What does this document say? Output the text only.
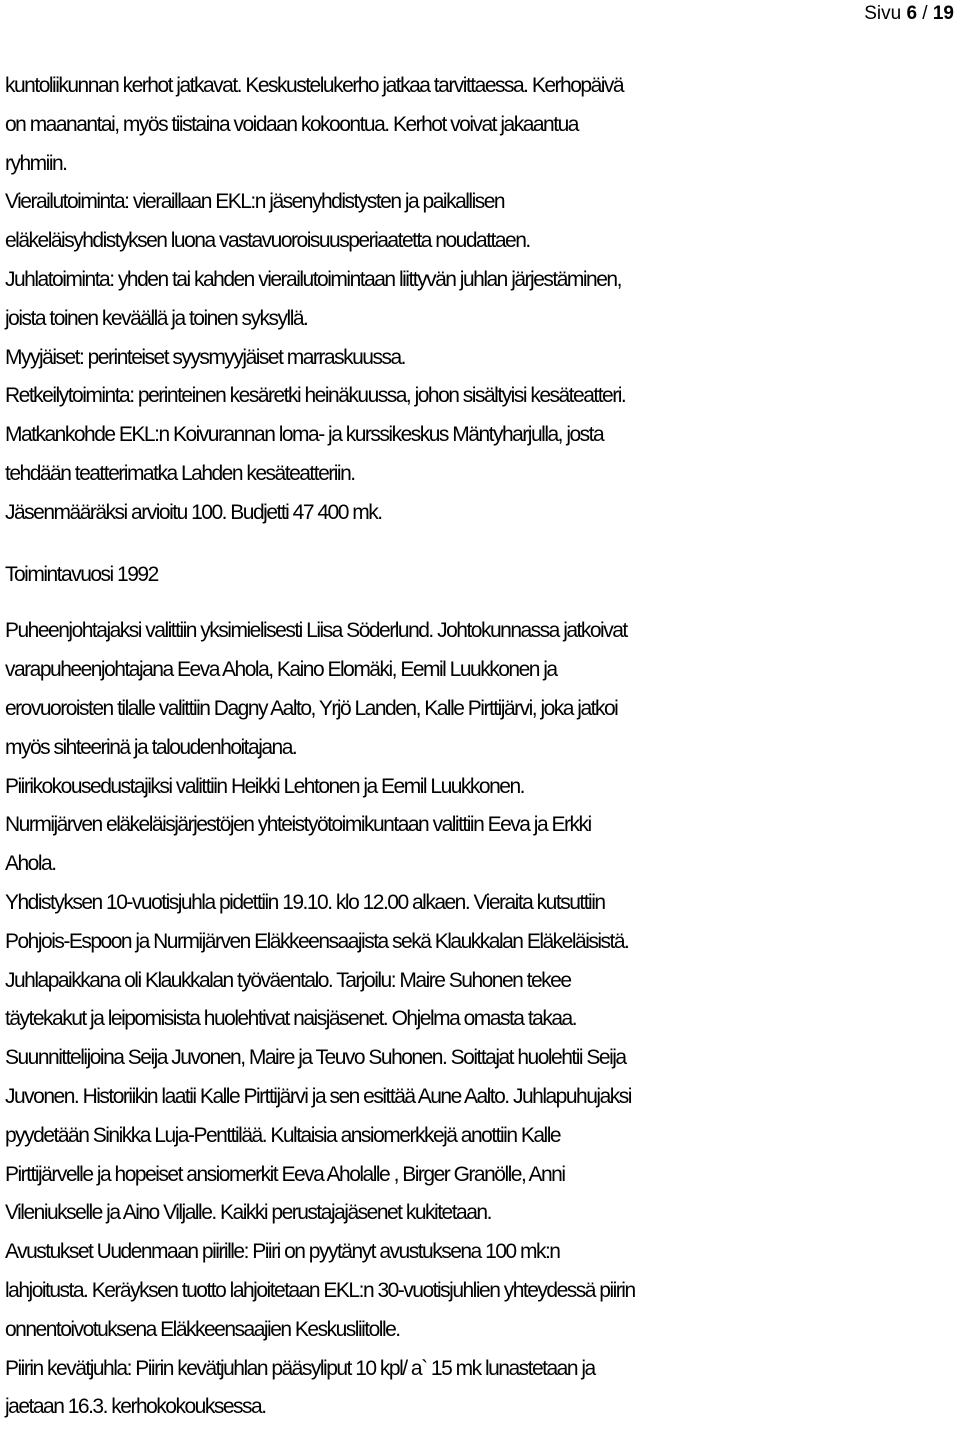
Sivu 6 / 19
kuntoliikunnan kerhot jatkavat. Keskustelukerho jatkaa tarvittaessa. Kerhopäivä
on maanantai, myös tiistaina voidaan kokoontua. Kerhot voivat jakaantua
ryhmiin.
Vierailutoiminta: vieraillaan EKL:n jäsenyhdistysten ja paikallisen
eläkeläisyhdistyksen luona vastavuoroisuusperiaatetta noudattaen.
Juhlatoiminta: yhden tai kahden vierailutoimintaan liittyvän juhlan järjestäminen,
joista toinen keväällä ja toinen syksyllä.
Myyjäiset: perinteiset syysmyyjäiset marraskuussa.
Retkeilytoiminta: perinteinen kesäretki heinäkuussa, johon sisältyisi kesäteatteri.
Matkankohde EKL:n Koivurannan loma- ja kurssikeskus Mäntyharjulla, josta
tehdään teatterimatka Lahden kesäteatteriin.
Jäsenmääräksi arvioitu 100. Budjetti 47 400 mk.
Toimintavuosi 1992
Puheenjohtajaksi valittiin yksimielisesti Liisa Söderlund. Johtokunnassa jatkoivat
varapuheenjohtajana Eeva Ahola, Kaino Elomäki, Eemil Luukkonen ja
erovuoroisten tilalle valittiin Dagny Aalto, Yrjö Landen, Kalle Pirttijärvi, joka jatkoi
myös sihteerinä ja taloudenhoitajana.
Piirikokousedustajiksi valittiin Heikki Lehtonen ja Eemil Luukkonen.
Nurmijärven eläkeläisjärjestöjen yhteistyötoimikuntaan valittiin Eeva ja Erkki
Ahola.
Yhdistyksen 10-vuotisjuhla pidettiin 19.10. klo 12.00 alkaen. Vieraita kutsuttiin
Pohjois-Espoon ja Nurmijärven Eläkkeensaajista sekä Klaukkalan Eläkeläisistä.
Juhlapaikkana oli Klaukkalan työväentalo. Tarjoilu: Maire Suhonen tekee
täytekakut ja leipomisista huolehtivat naisjäsenet. Ohjelma omasta takaa.
Suunnittelijoina Seija Juvonen, Maire ja Teuvo Suhonen. Soittajat huolehtii Seija
Juvonen. Historiikin laatii Kalle Pirttijärvi ja sen esittää Aune Aalto. Juhlapuhujaksi
pyydetään Sinikka Luja-Penttilää. Kultaisia ansiomerkkejä anottiin Kalle
Pirttijärvelle ja hopeiset ansiomerkit Eeva Aholalle , Birger Granölle, Anni
Vileniukselle ja Aino Viljalle. Kaikki perustajajäsenet kukitetaan.
Avustukset Uudenmaan piirille: Piiri on pyytänyt avustuksena 100 mk:n
lahjoitusta. Keräyksen tuotto lahjoitetaan EKL:n 30-vuotisjuhlien yhteydessä piirin
onnentoivotuksena Eläkkeensaajien Keskusliitolle.
Piirin kevätjuhla: Piirin kevätjuhlan pääsyliput 10 kpl/ a` 15 mk lunastetaan ja
jaetaan 16.3. kerhokokouksessa.
